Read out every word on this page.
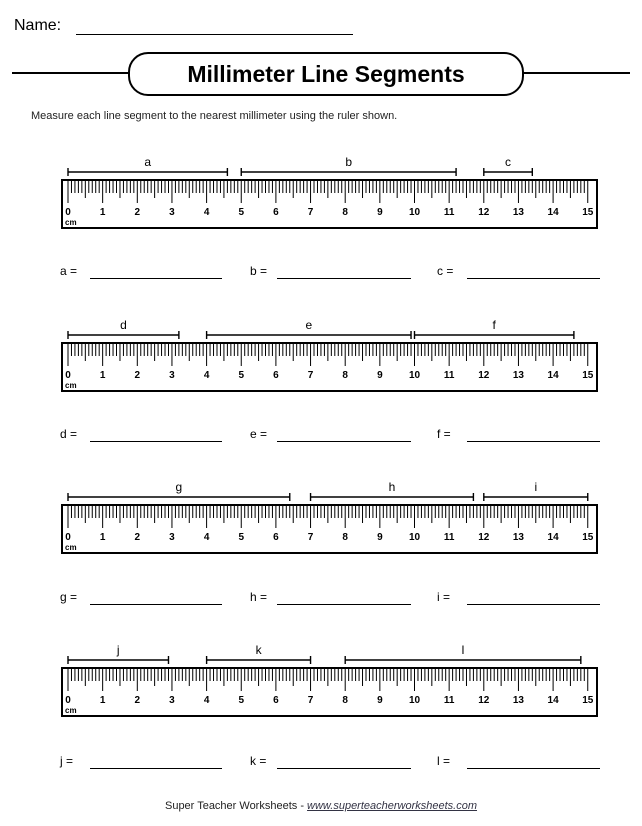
Name:
Millimeter Line Segments
Measure each line segment to the nearest millimeter using the ruler shown.
0	1	2	3	4	5	6	7	8	9	10 11 12 13 14 15
cm
a	b	c
0	1	2	3	4	5	6	7	8	9	10 11 12 13 14 15
cm
d	e	f
0	1	2	3	4	5	6	7	8	9	10 11 12 13 14 15
cm
g	h	i
0	1	2	3	4	5	6	7	8	9	10 11 12 13 14 15
cm
j	k	l
a =	b =	c =
d =	e =	f =
g =	h =	i =
j =	k =	l =
Super Teacher Worksheets - www.superteacherworksheets.com
